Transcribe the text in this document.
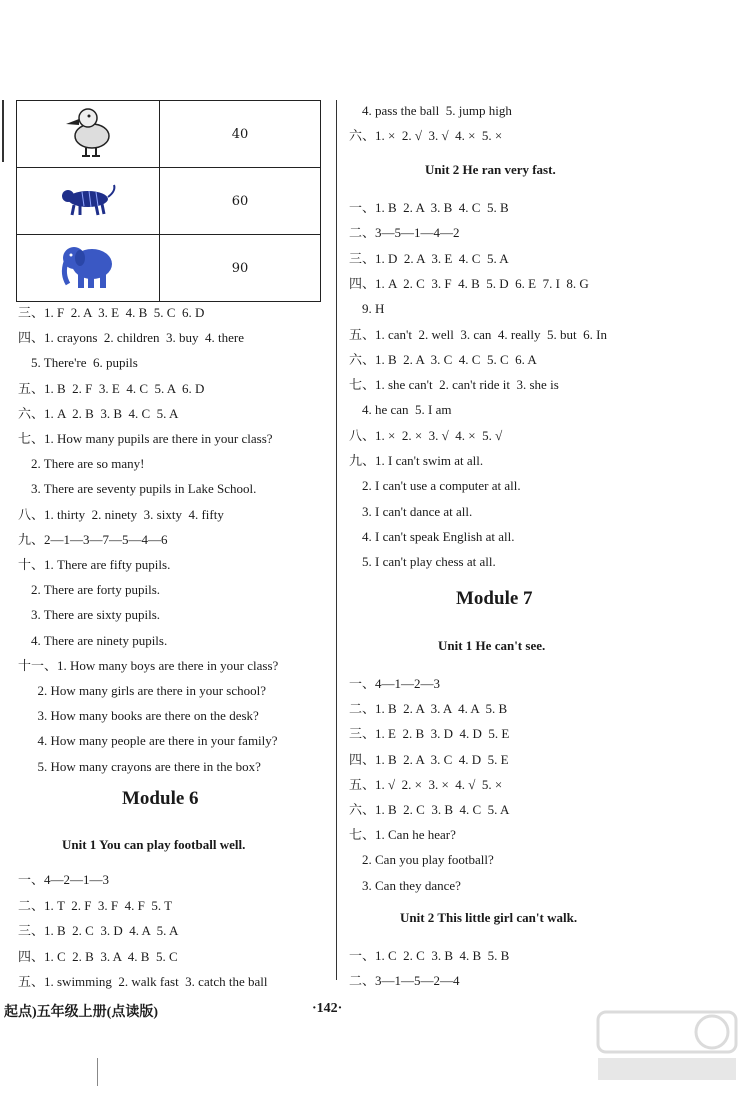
	40
	60
	90
三、1. F  2. A  3. E  4. B  5. C  6. D
四、1. crayons  2. children  3. buy  4. there
5. There're  6. pupils
五、1. B  2. F  3. E  4. C  5. A  6. D
六、1. A  2. B  3. B  4. C  5. A
七、1. How many pupils are there in your class?
2. There are so many!
3. There are seventy pupils in Lake School.
八、1. thirty  2. ninety  3. sixty  4. fifty
九、2—1—3—7—5—4—6
十、1. There are fifty pupils.
2. There are forty pupils.
3. There are sixty pupils.
4. There are ninety pupils.
十一、1. How many boys are there in your class?
2. How many girls are there in your school?
3. How many books are there on the desk?
4. How many people are there in your family?
5. How many crayons are there in the box?
Module 6
Unit 1 You can play football well.
一、4—2—1—3
二、1. T  2. F  3. F  4. F  5. T
三、1. B  2. C  3. D  4. A  5. A
四、1. C  2. B  3. A  4. B  5. C
五、1. swimming  2. walk fast  3. catch the ball
4. pass the ball  5. jump high
六、1. ×  2. √  3. √  4. ×  5. ×
Unit 2 He ran very fast.
一、1. B  2. A  3. B  4. C  5. B
二、3—5—1—4—2
三、1. D  2. A  3. E  4. C  5. A
四、1. A  2. C  3. F  4. B  5. D  6. E  7. I  8. G
9. H
五、1. can't  2. well  3. can  4. really  5. but  6. In
六、1. B  2. A  3. C  4. C  5. C  6. A
七、1. she can't  2. can't ride it  3. she is
4. he can  5. I am
八、1. ×  2. ×  3. √  4. ×  5. √
九、1. I can't swim at all.
2. I can't use a computer at all.
3. I can't dance at all.
4. I can't speak English at all.
5. I can't play chess at all.
Module 7
Unit 1 He can't see.
一、4—1—2—3
二、1. B  2. A  3. A  4. A  5. B
三、1. E  2. B  3. D  4. D  5. E
四、1. B  2. A  3. C  4. D  5. E
五、1. √  2. ×  3. ×  4. √  5. ×
六、1. B  2. C  3. B  4. C  5. A
七、1. Can he hear?
2. Can you play football?
3. Can they dance?
Unit 2 This little girl can't walk.
一、1. C  2. C  3. B  4. B  5. B
二、3—1—5—2—4
起点)五年级上册(点读版)	·142·
